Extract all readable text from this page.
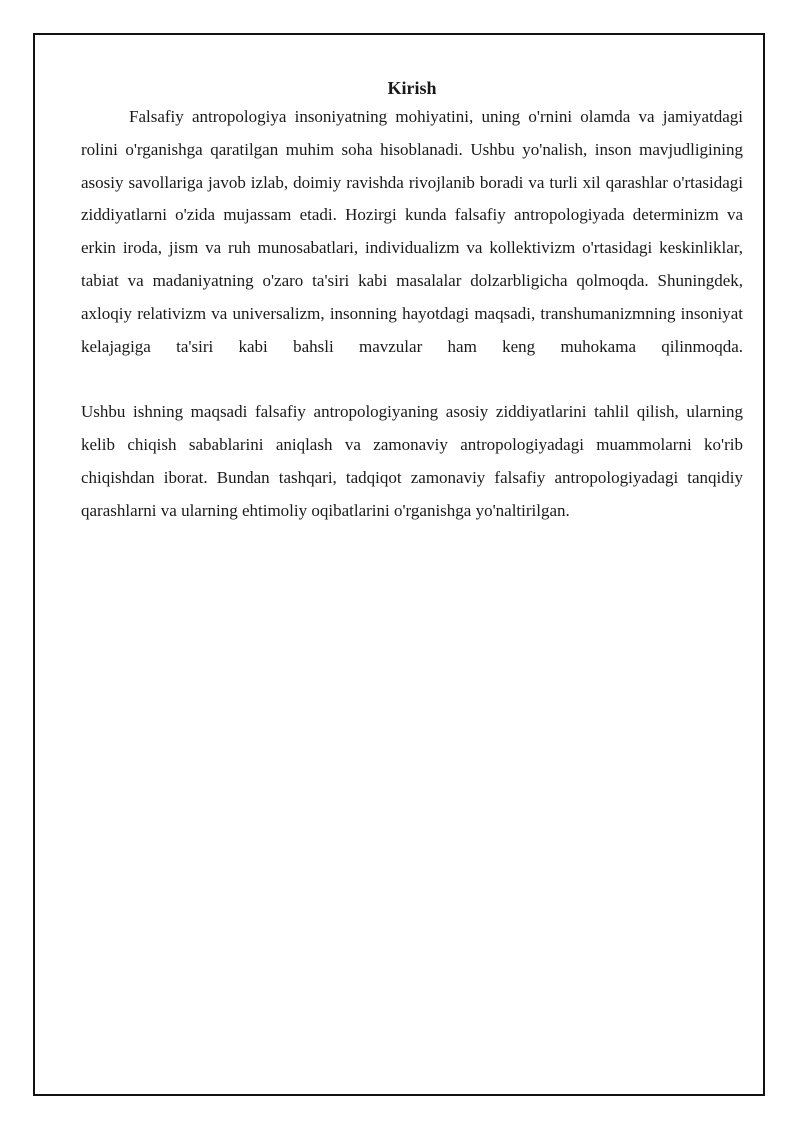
Kirish

Falsafiy antropologiya insoniyatning mohiyatini, uning o'rnini olamda va jamiyatdagi rolini o'rganishga qaratilgan muhim soha hisoblanadi. Ushbu yo'nalish, inson mavjudligining asosiy savollariga javob izlab, doimiy ravishda rivojlanib boradi va turli xil qarashlar o'rtasidagi ziddiyatlarni o'zida mujassam etadi. Hozirgi kunda falsafiy antropologiyada determinizm va erkin iroda, jism va ruh munosabatlari, individualizm va kollektivizm o'rtasidagi keskinliklar, tabiat va madaniyatning o'zaro ta'siri kabi masalalar dolzarbligicha qolmoqda. Shuningdek, axloqiy relativizm va universalizm, insonning hayotdagi maqsadi, transhumanizmning insoniyat kelajagiga ta'siri kabi bahsli mavzular ham keng muhokama qilinmoqda.

Ushbu ishning maqsadi falsafiy antropologiyaning asosiy ziddiyatlarini tahlil qilish, ularning kelib chiqish sabablarini aniqlash va zamonaviy antropologiyadagi muammolarni ko'rib chiqishdan iborat. Bundan tashqari, tadqiqot zamonaviy falsafiy antropologiyadagi tanqidiy qarashlarni va ularning ehtimoliy oqibatlarini o'rganishga yo'naltirilgan.
